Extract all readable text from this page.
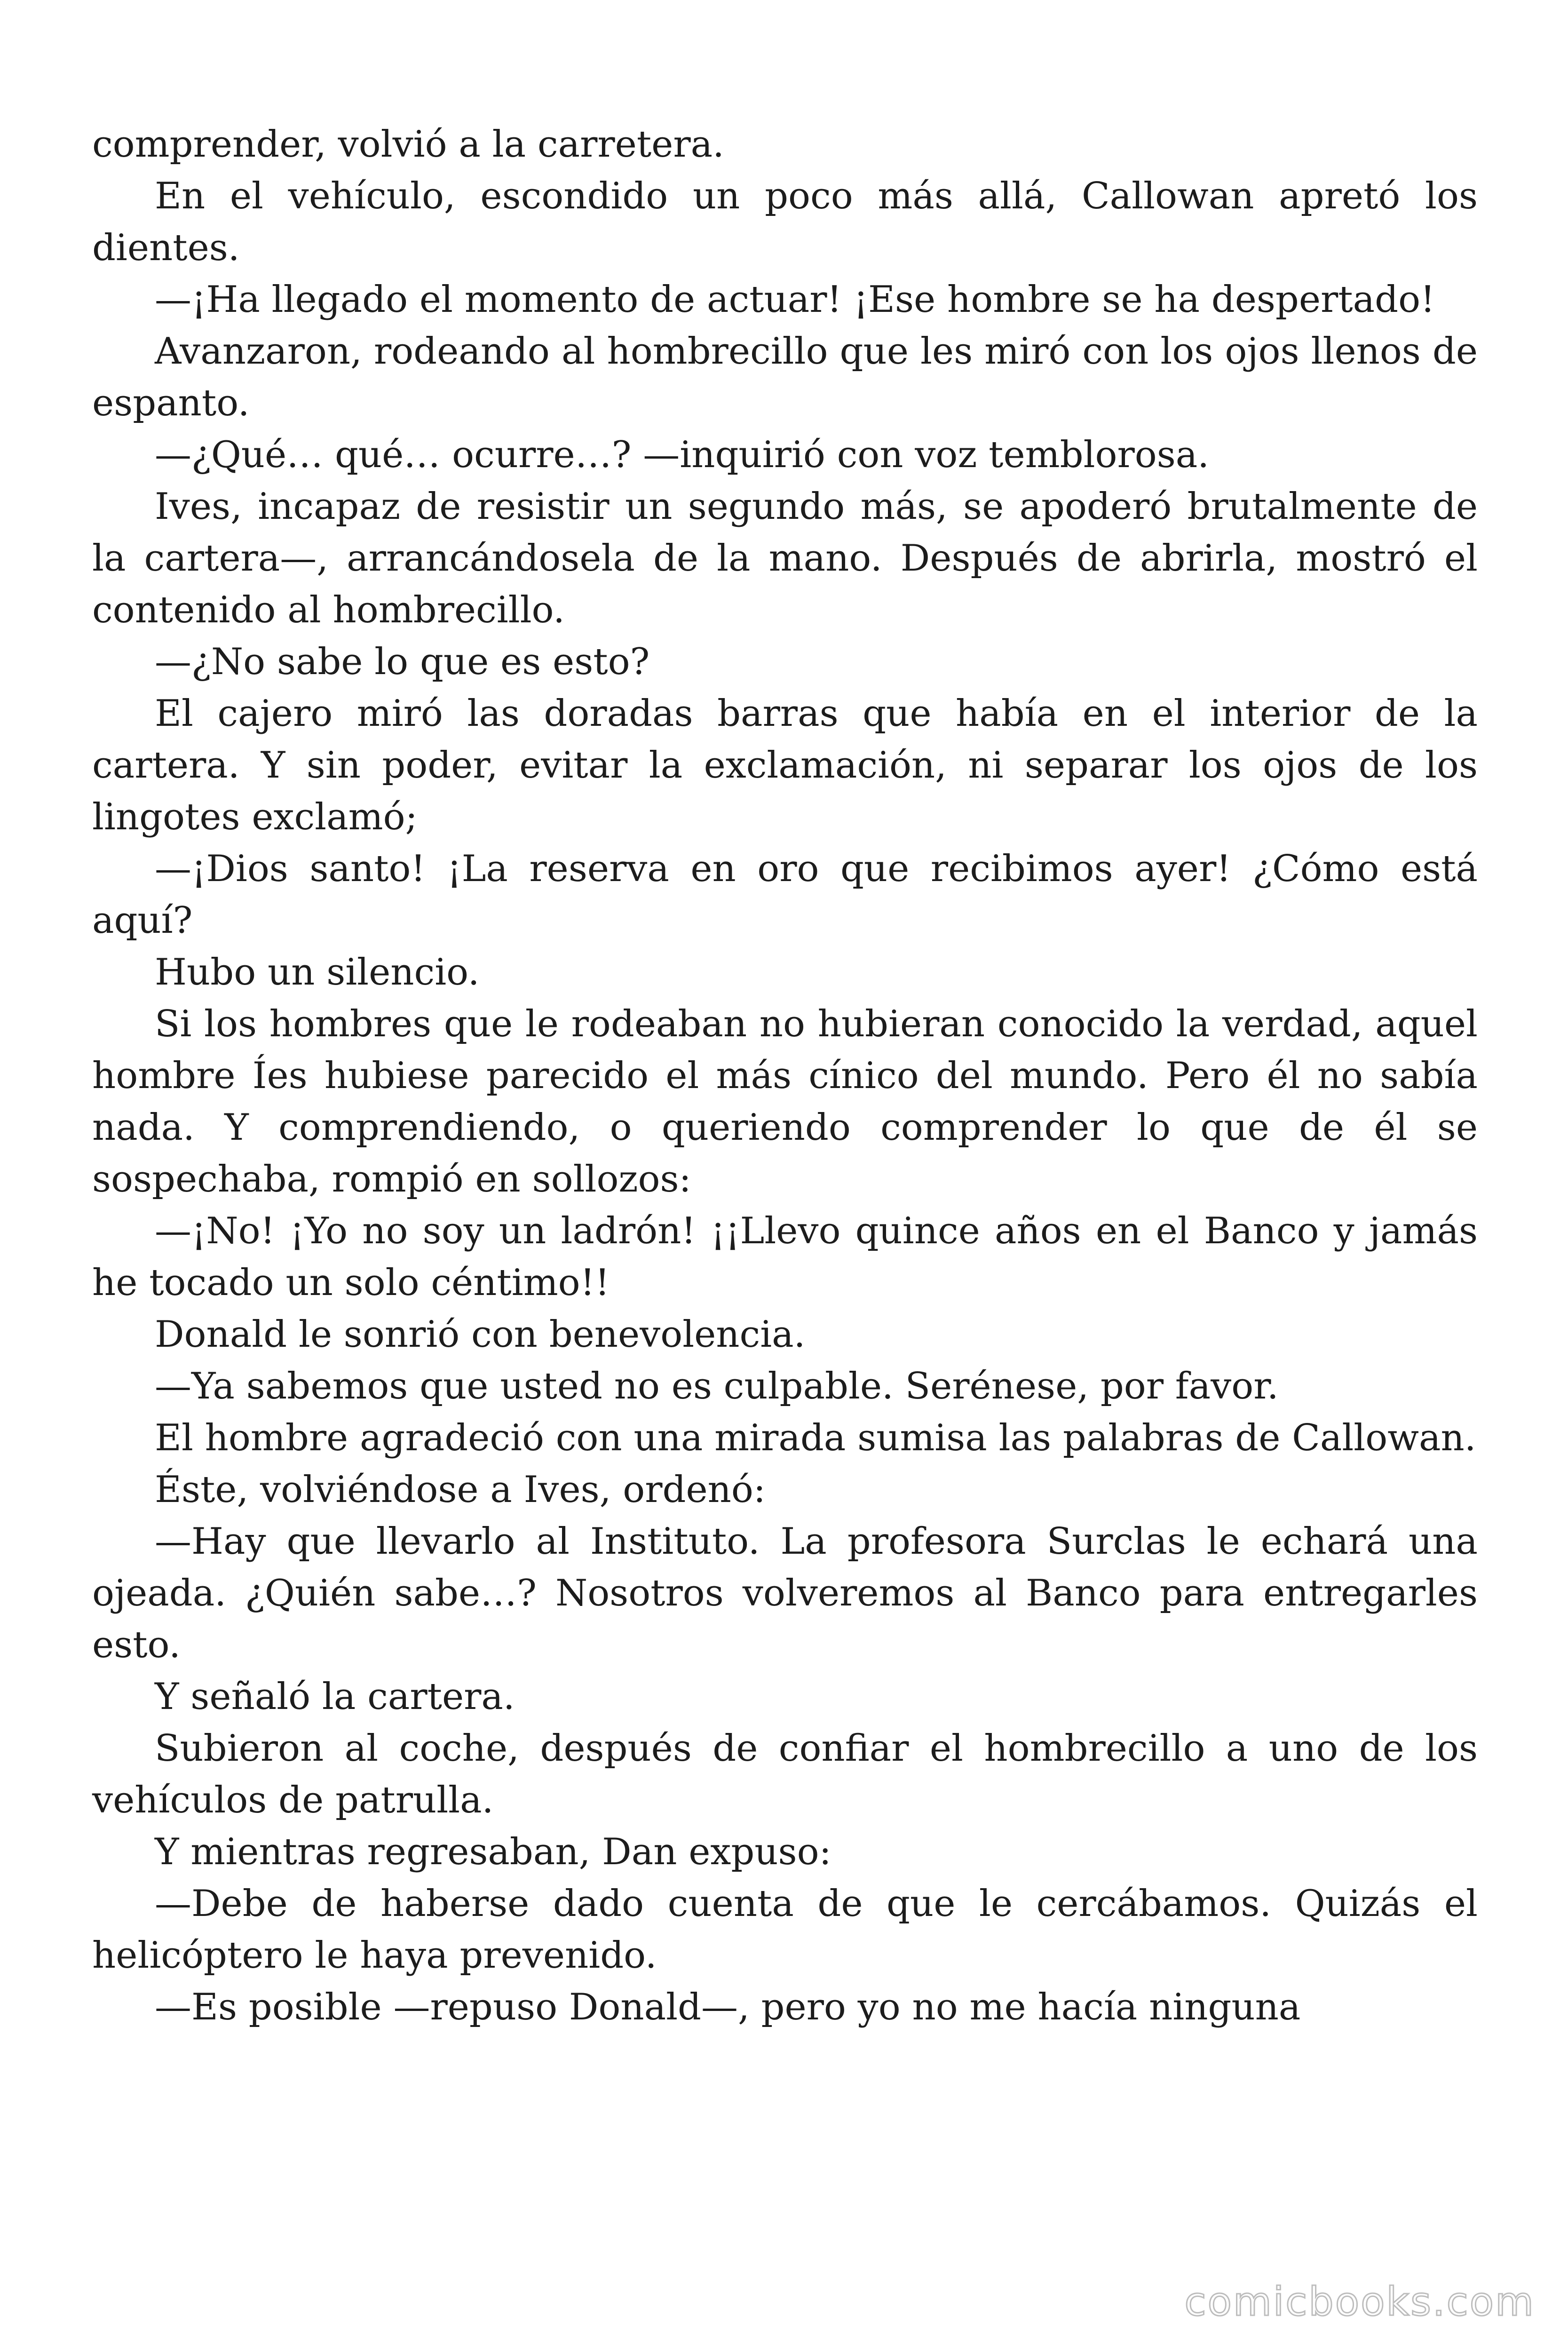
comprender, volvió a la carretera.

En el vehículo, escondido un poco más allá, Callowan apretó los dientes.

—¡Ha llegado el momento de actuar! ¡Ese hombre se ha despertado!

Avanzaron, rodeando al hombrecillo que les miró con los ojos llenos de espanto.

—¿Qué… qué… ocurre…? —inquirió con voz temblorosa.

Ives, incapaz de resistir un segundo más, se apoderó brutalmente de la cartera—, arrancándosela de la mano. Después de abrirla, mostró el contenido al hombrecillo.

—¿No sabe lo que es esto?

El cajero miró las doradas barras que había en el interior de la cartera. Y sin poder, evitar la exclamación, ni separar los ojos de los lingotes exclamó;

—¡Dios santo! ¡La reserva en oro que recibimos ayer! ¿Cómo está aquí?

Hubo un silencio.

Si los hombres que le rodeaban no hubieran conocido la verdad, aquel hombre Íes hubiese parecido el más cínico del mundo. Pero él no sabía nada. Y comprendiendo, o queriendo comprender lo que de él se sospechaba, rompió en sollozos:

—¡No! ¡Yo no soy un ladrón! ¡¡Llevo quince años en el Banco y jamás he tocado un solo céntimo!!

Donald le sonrió con benevolencia.

—Ya sabemos que usted no es culpable. Serénese, por favor.

El hombre agradeció con una mirada sumisa las palabras de Callowan.

Éste, volviéndose a Ives, ordenó:

—Hay que llevarlo al Instituto. La profesora Surclas le echará una ojeada. ¿Quién sabe…? Nosotros volveremos al Banco para entregarles esto.

Y señaló la cartera.

Subieron al coche, después de confiar el hombrecillo a uno de los vehículos de patrulla.

Y mientras regresaban, Dan expuso:

—Debe de haberse dado cuenta de que le cercábamos. Quizás el helicóptero le haya prevenido.

—Es posible —repuso Donald—, pero yo no me hacía ninguna

comicbooks.com
